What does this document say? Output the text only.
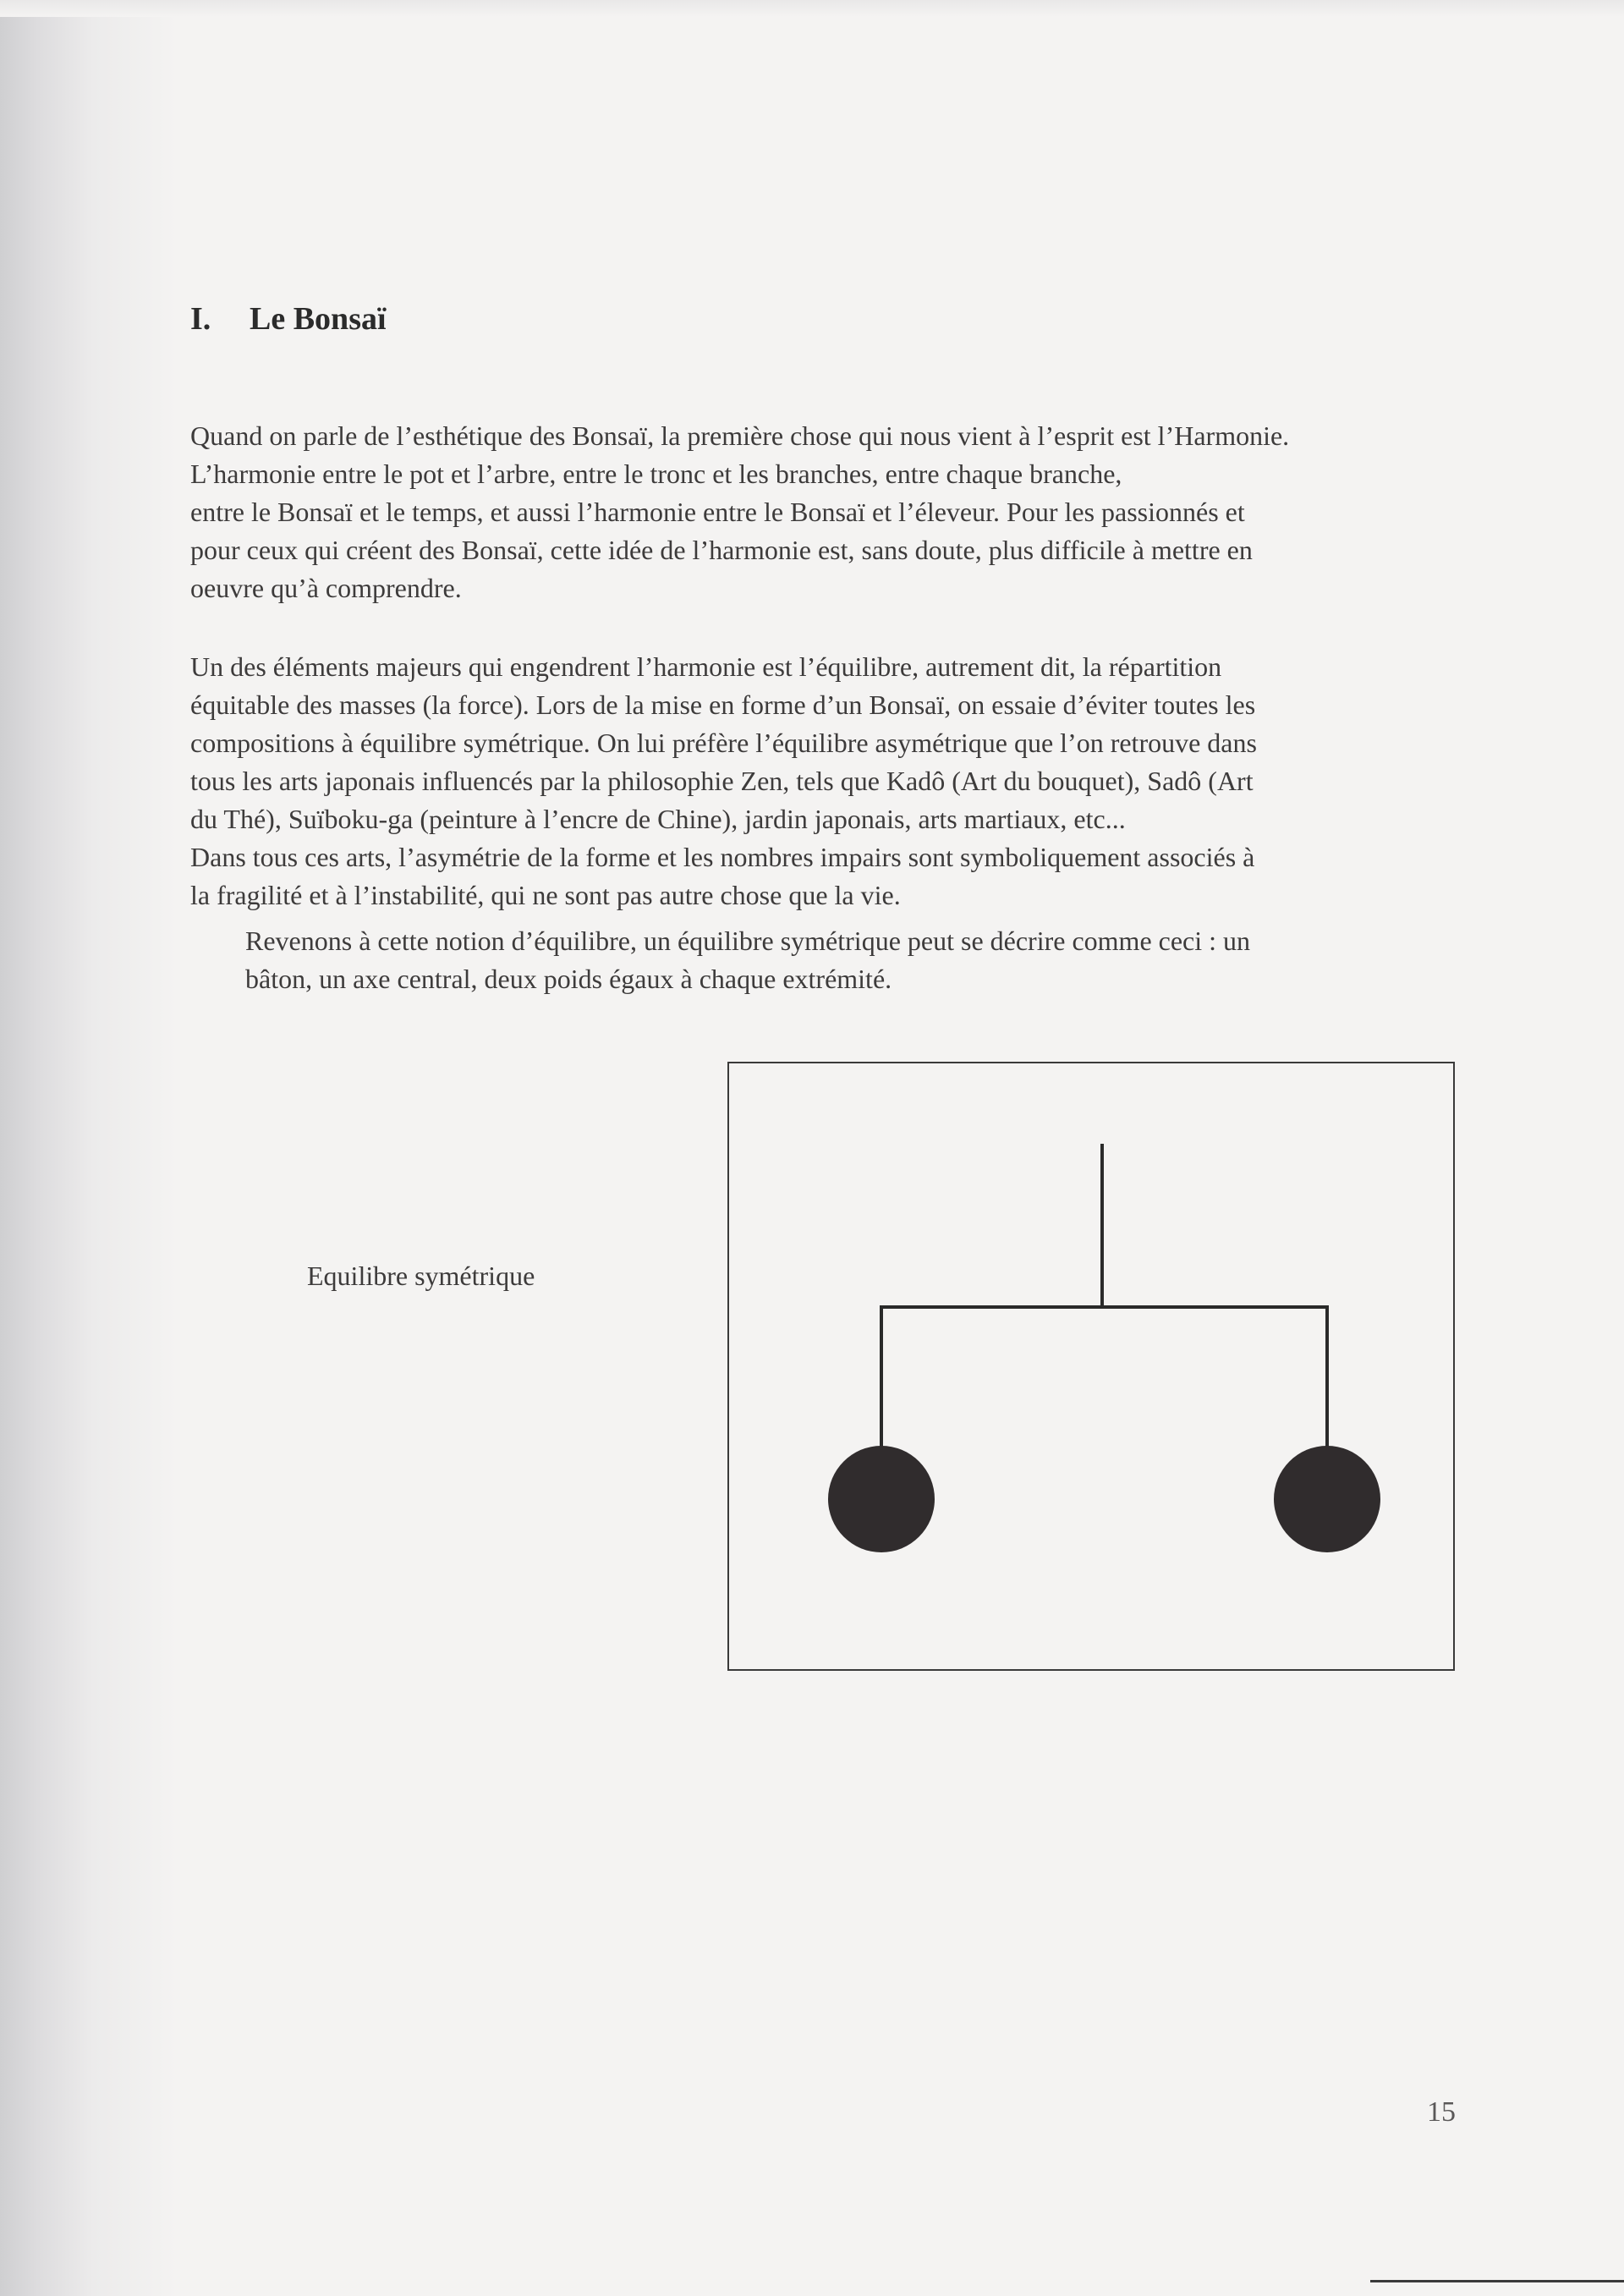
I. Le Bonsaï
Quand on parle de l’esthétique des Bonsaï, la première chose qui nous vient à l’esprit est l’Harmonie.
L’harmonie entre le pot et l’arbre, entre le tronc et les branches, entre chaque branche,
entre le Bonsaï et le temps, et aussi l’harmonie entre le Bonsaï et l’éleveur. Pour les passionnés et
pour ceux qui créent des Bonsaï, cette idée de l’harmonie est, sans doute, plus difficile à mettre en
oeuvre qu’à comprendre.
Un des éléments majeurs qui engendrent l’harmonie est l’équilibre, autrement dit, la répartition
équitable des masses (la force). Lors de la mise en forme d’un Bonsaï, on essaie d’éviter toutes les
compositions à équilibre symétrique. On lui préfère l’équilibre asymétrique que l’on retrouve dans
tous les arts japonais influencés par la philosophie Zen, tels que Kadô (Art du bouquet), Sadô (Art
du Thé), Suïboku-ga (peinture à l’encre de Chine), jardin japonais, arts martiaux, etc...
Dans tous ces arts, l’asymétrie de la forme et les nombres impairs sont symboliquement associés à
la fragilité et à l’instabilité, qui ne sont pas autre chose que la vie.
Revenons à cette notion d’équilibre, un équilibre symétrique peut se décrire comme ceci : un
bâton, un axe central, deux poids égaux à chaque extrémité.
Equilibre symétrique
15
